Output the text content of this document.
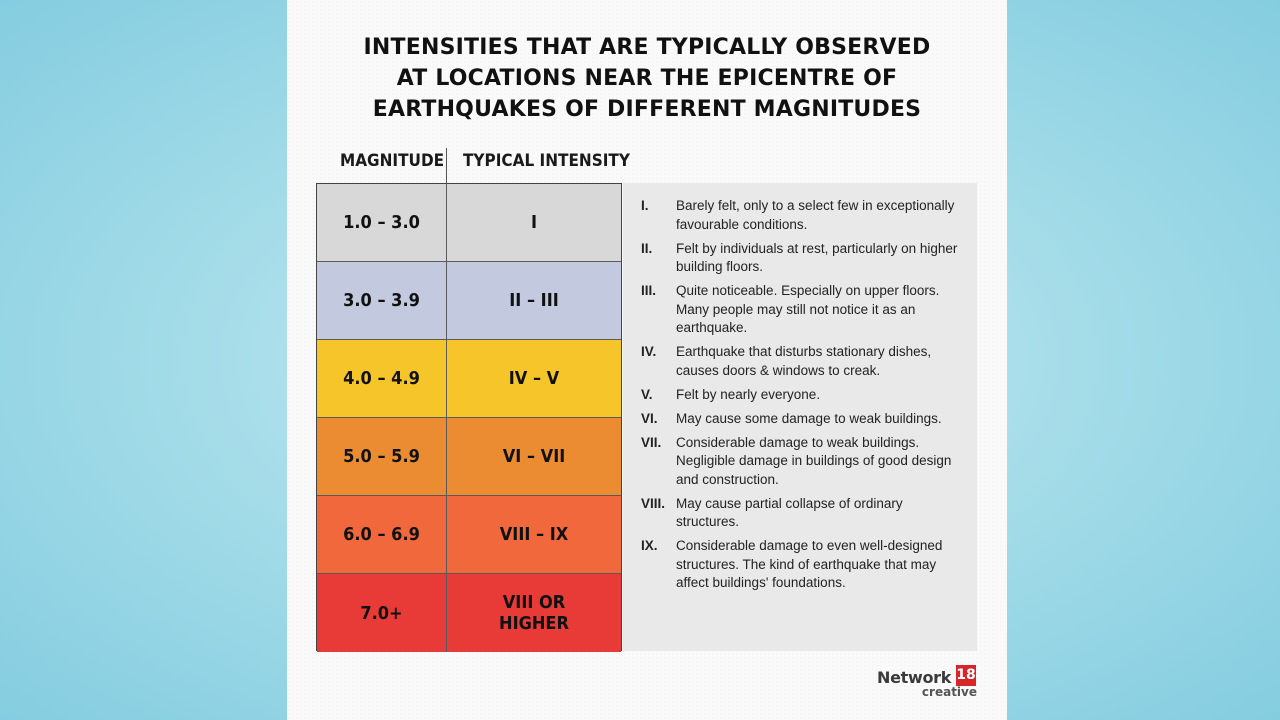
INTENSITIES THAT ARE TYPICALLY OBSERVED
AT LOCATIONS NEAR THE EPICENTRE OF
EARTHQUAKES OF DIFFERENT MAGNITUDES
MAGNITUDE TYPICAL INTENSITY
1.0 – 3.0	I
3.0 – 3.9	II – III
4.0 – 4.9	IV – V
5.0 – 5.9	VI – VII
6.0 – 6.9	VIII – IX
7.0+	VIII OR HIGHER
I.	Barely felt, only to a select few in exceptionally favourable conditions.
II.	Felt by individuals at rest, particularly on higher building floors.
III.	Quite noticeable. Especially on upper floors. Many people may still not notice it as an earthquake.
IV.	Earthquake that disturbs stationary dishes, causes doors & windows to creak.
V.	Felt by nearly everyone.
VI.	May cause some damage to weak buildings.
VII.	Considerable damage to weak buildings. Negligible damage in buildings of good design and construction.
VIII. May cause partial collapse of ordinary structures.
IX.	Considerable damage to even well-designed structures. The kind of earthquake that may affect buildings' foundations.
Network 18
creative
